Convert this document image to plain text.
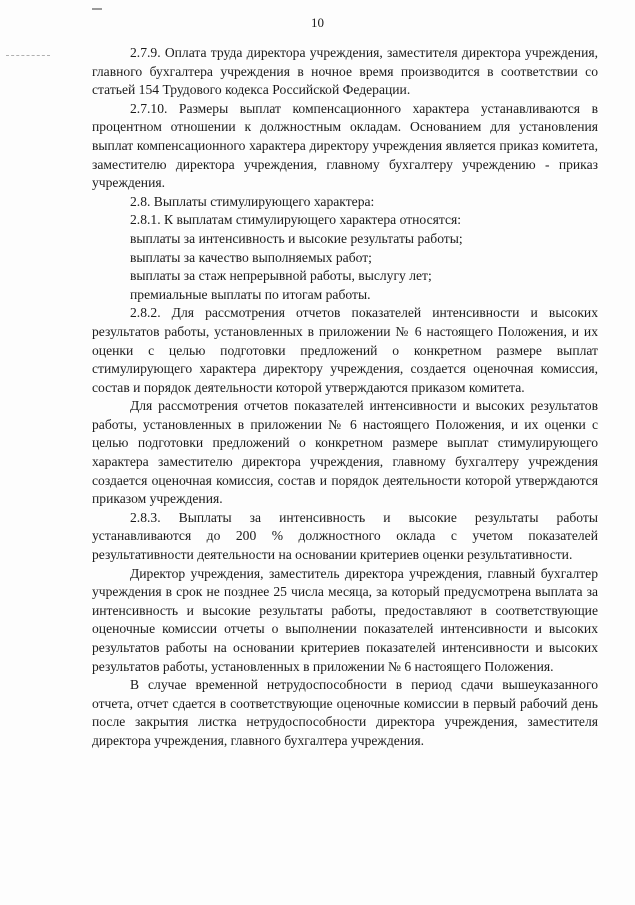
10

2.7.9. Оплата труда директора учреждения, заместителя директора учреждения, главного бухгалтера учреждения в ночное время производится в соответствии со статьей 154 Трудового кодекса Российской Федерации.

2.7.10. Размеры выплат компенсационного характера устанавливаются в процентном отношении к должностным окладам. Основанием для установления выплат компенсационного характера директору учреждения является приказ комитета, заместителю директора учреждения, главному бухгалтеру учреждению - приказ учреждения.

2.8. Выплаты стимулирующего характера:

2.8.1. К выплатам стимулирующего характера относятся:

выплаты за интенсивность и высокие результаты работы;

выплаты за качество выполняемых работ;

выплаты за стаж непрерывной работы, выслугу лет;

премиальные выплаты по итогам работы.

2.8.2. Для рассмотрения отчетов показателей интенсивности и высоких результатов работы, установленных в приложении № 6 настоящего Положения, и их оценки с целью подготовки предложений о конкретном размере выплат стимулирующего характера директору учреждения, создается оценочная комиссия, состав и порядок деятельности которой утверждаются приказом комитета.

Для рассмотрения отчетов показателей интенсивности и высоких результатов работы, установленных в приложении № 6 настоящего Положения, и их оценки с целью подготовки предложений о конкретном размере выплат стимулирующего характера заместителю директора учреждения, главному бухгалтеру учреждения создается оценочная комиссия, состав и порядок деятельности которой утверждаются приказом учреждения.

2.8.3. Выплаты за интенсивность и высокие результаты работы устанавливаются до 200 % должностного оклада с учетом показателей результативности деятельности на основании критериев оценки результативности.

Директор учреждения, заместитель директора учреждения, главный бухгалтер учреждения в срок не позднее 25 числа месяца, за который предусмотрена выплата за интенсивность и высокие результаты работы, предоставляют в соответствующие оценочные комиссии отчеты о выполнении показателей интенсивности и высоких результатов работы на основании критериев показателей интенсивности и высоких результатов работы, установленных в приложении № 6 настоящего Положения.

В случае временной нетрудоспособности в период сдачи вышеуказанного отчета, отчет сдается в соответствующие оценочные комиссии в первый рабочий день после закрытия листка нетрудоспособности директора учреждения, заместителя директора учреждения, главного бухгалтера учреждения.
